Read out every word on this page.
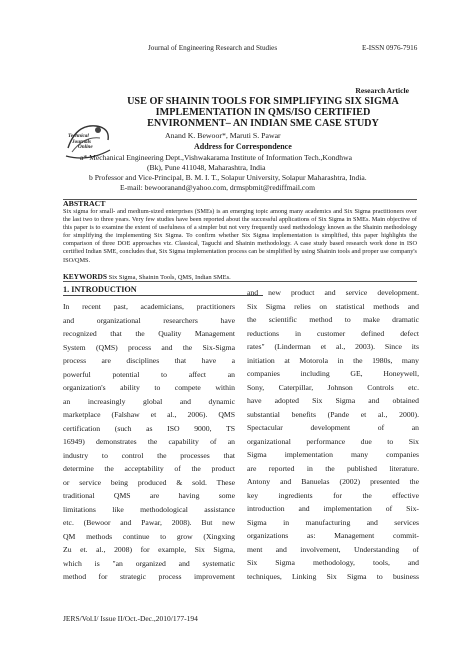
Journal of Engineering Research and Studies	E-ISSN 0976-7916
Technical
Journals
Online
Research Article
USE OF SHAININ TOOLS FOR SIMPLIFYING SIX SIGMA IMPLEMENTATION IN QMS/ISO CERTIFIED ENVIRONMENT– AN INDIAN SME CASE STUDY
Anand K. Bewoor*, Maruti S. Pawar
Address for Correspondence
a* Mechanical Engineering Dept.,Vishwakarama Institute of Information Tech.,Kondhwa
(Bk), Pune 411048, Maharashtra, India
b Professor and Vice-Principal, B. M. I. T., Solapur University, Solapur Maharashtra, India.
E-mail: bewooranand@yahoo.com, drmspbmit@rediffmail.com
ABSTRACT
Six sigma for small- and medium-sized enterprises (SMEs) is an emerging topic among many academics and Six Sigma practitioners over the last two to three years. Very few studies have been reported about the successful applications of Six Sigma in SMEs. Main objective of this paper is to examine the extent of usefulness of a simpler but not very frequently used methodology known as the Shainin methodology for simplifying the implementing Six Sigma. To confirm whether Six Sigma implementation is simplified, this paper highlights the comparison of three DOE approaches viz. Classical, Taguchi and Shainin methodology. A case study based research work done in ISO certified Indian SME, concludes that, Six Sigma implementation process can be simplified by using Shainin tools and proper use company's ISO/QMS.
KEYWORDS Six Sigma, Shainin Tools, QMS, Indian SMEs.
1. INTRODUCTION

In recent past, academicians, practitioners

and organizational researchers have

recognized that the Quality Management

System (QMS) process and the Six-Sigma

process are disciplines that have a

powerful potential to affect an

organization's ability to compete within

an increasingly global and dynamic

marketplace (Falshaw et al., 2006). QMS

certification (such as ISO 9000, TS

16949) demonstrates the capability of an

industry to control the processes that

determine the acceptability of the product

or service being produced & sold. These

traditional QMS are having some

limitations like methodological assistance

etc. (Bewoor and Pawar, 2008). But new

QM methods continue to grow (Xingxing

Zu et. al., 2008) for example, Six Sigma,

which is "an organized and systematic

method for strategic process improvement

and new product and service development.

Six Sigma relies on statistical methods and

the scientific method to make dramatic

reductions in customer defined defect

rates" (Linderman et al., 2003). Since its

initiation at Motorola in the 1980s, many

companies including GE, Honeywell,

Sony, Caterpillar, Johnson Controls etc.

have adopted Six Sigma and obtained

substantial benefits (Pande et al., 2000).

Spectacular development of an

organizational performance due to Six

Sigma implementation many companies

are reported in the published literature.

Antony and Banuelas (2002) presented the

key ingredients for the effective

introduction and implementation of Six-

Sigma in manufacturing and services

organizations as: Management commit-

ment and involvement, Understanding of

Six Sigma methodology, tools, and

techniques, Linking Six Sigma to business

JERS/Vol.I/ Issue II/Oct.-Dec.,2010/177-194
